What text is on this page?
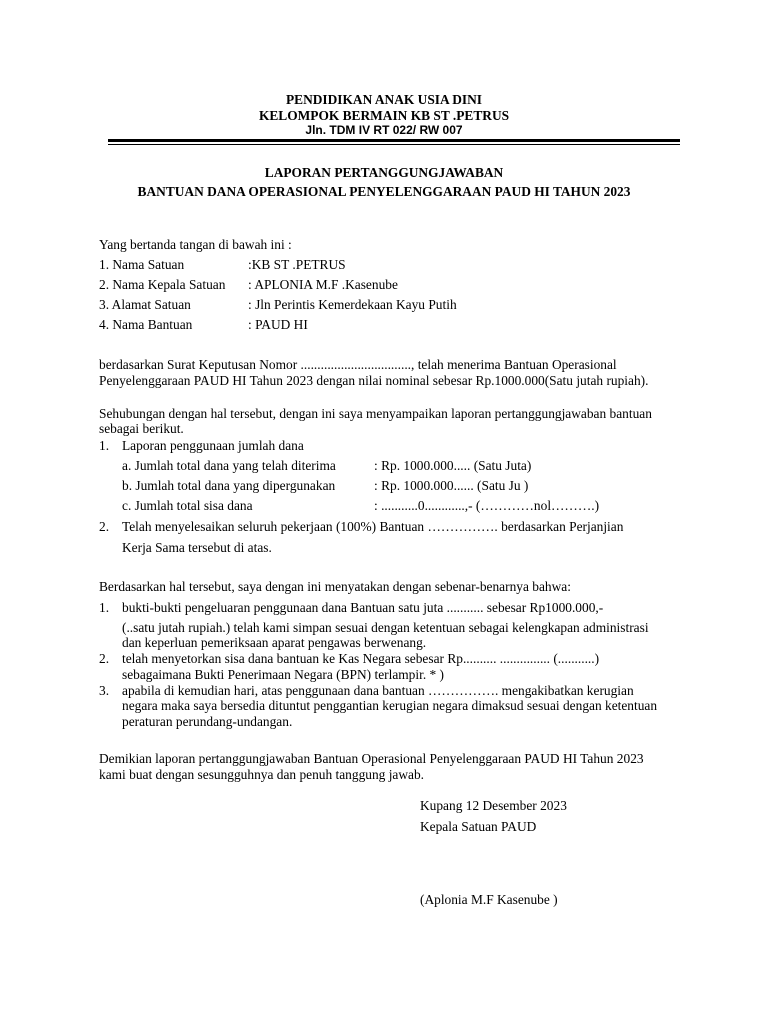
PENDIDIKAN ANAK USIA DINI
KELOMPOK BERMAIN KB ST .PETRUS
Jln. TDM IV RT 022/ RW 007
LAPORAN PERTANGGUNGJAWABAN
BANTUAN DANA OPERASIONAL PENYELENGGARAAN PAUD HI TAHUN 2023
Yang bertanda tangan di bawah ini :
1. Nama Satuan	:KB ST .PETRUS
2. Nama Kepala Satuan : APLONIA M.F .Kasenube
3. Alamat Satuan	: Jln Perintis Kemerdekaan Kayu Putih
4. Nama Bantuan	: PAUD HI
berdasarkan Surat Keputusan Nomor ................................., telah menerima Bantuan Operasional
Penyelenggaraan PAUD HI Tahun 2023 dengan nilai nominal sebesar Rp.1000.000(Satu jutah rupiah).
Sehubungan dengan hal tersebut, dengan ini saya menyampaikan laporan pertanggungjawaban bantuan
sebagai berikut.
1. Laporan penggunaan jumlah dana
a. Jumlah total dana yang telah diterima	: Rp. 1000.000..... (Satu Juta)
b. Jumlah total dana yang dipergunakan	: Rp. 1000.000...... (Satu Ju )
c. Jumlah total sisa dana	: ...........0............,- (…………nol……….)
2. Telah menyelesaikan seluruh pekerjaan (100%) Bantuan ……………. berdasarkan Perjanjian
Kerja Sama tersebut di atas.
Berdasarkan hal tersebut, saya dengan ini menyatakan dengan sebenar-benarnya bahwa:
1. bukti-bukti pengeluaran penggunaan dana Bantuan satu juta ........... sebesar Rp1000.000,-
(..satu jutah rupiah.) telah kami simpan sesuai dengan ketentuan sebagai kelengkapan administrasi
dan keperluan pemeriksaan aparat pengawas berwenang.
2. telah menyetorkan sisa dana bantuan ke Kas Negara sebesar Rp.......... ............... (...........)
sebagaimana Bukti Penerimaan Negara (BPN) terlampir. * )
3. apabila di kemudian hari, atas penggunaan dana bantuan ……………. mengakibatkan kerugian
negara maka saya bersedia dituntut penggantian kerugian negara dimaksud sesuai dengan ketentuan
peraturan perundang-undangan.
Demikian laporan pertanggungjawaban Bantuan Operasional Penyelenggaraan PAUD HI Tahun 2023
kami buat dengan sesungguhnya dan penuh tanggung jawab.
Kupang 12 Desember 2023
Kepala Satuan PAUD
(Aplonia M.F Kasenube )
